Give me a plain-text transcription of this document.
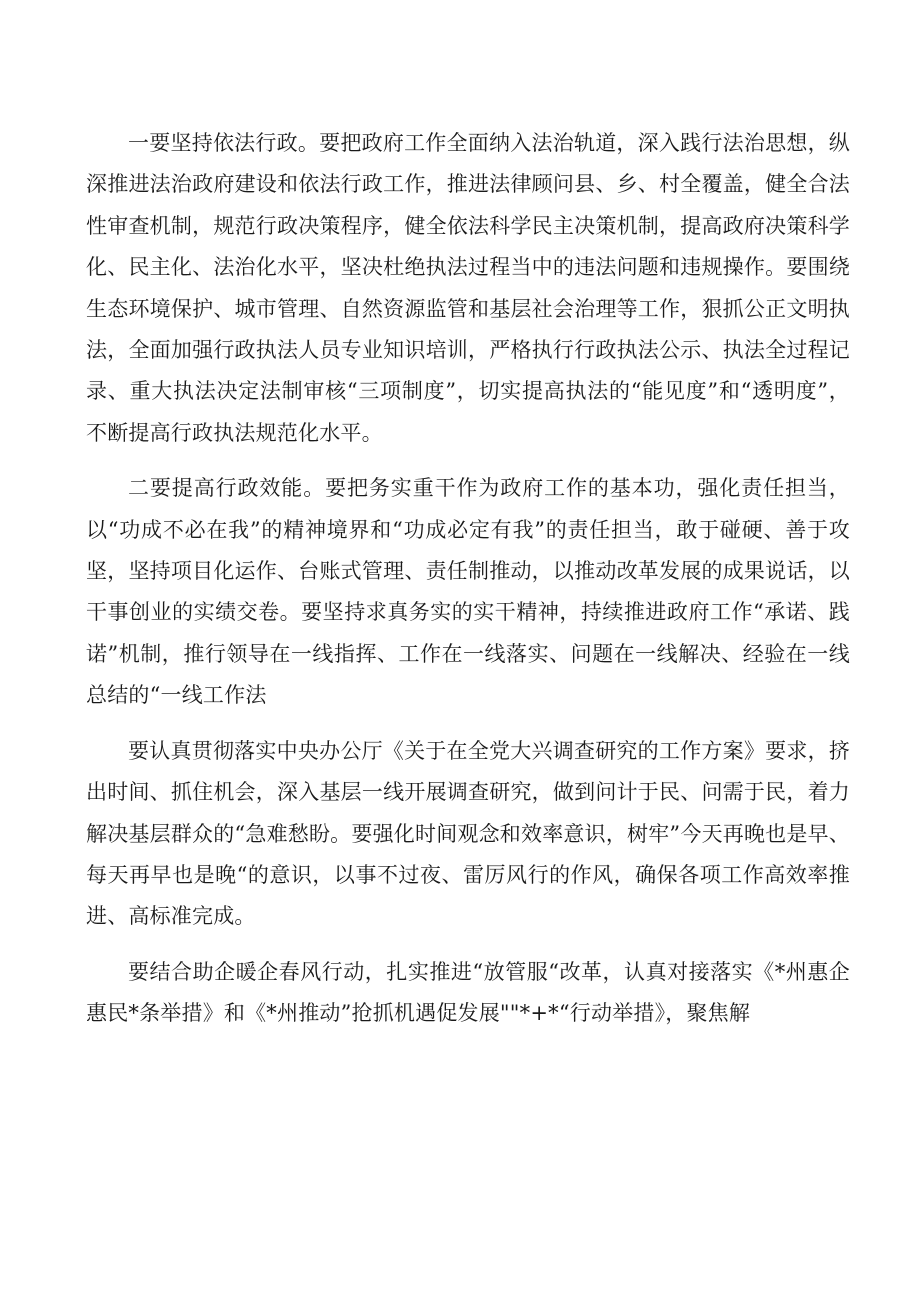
一要坚持依法行政。要把政府工作全面纳入法治轨道，深入践行法治思想，纵深推进法治政府建设和依法行政工作，推进法律顾问县、乡、村全覆盖，健全合法性审查机制，规范行政决策程序，健全依法科学民主决策机制，提高政府决策科学化、民主化、法治化水平，坚决杜绝执法过程当中的违法问题和违规操作。要围绕生态环境保护、城市管理、自然资源监管和基层社会治理等工作，狠抓公正文明执法，全面加强行政执法人员专业知识培训，严格执行行政执法公示、执法全过程记录、重大执法决定法制审核“三项制度”，切实提高执法的“能见度”和“透明度”，不断提高行政执法规范化水平。

二要提高行政效能。要把务实重干作为政府工作的基本功，强化责任担当，以“功成不必在我”的精神境界和“功成必定有我”的责任担当，敢于碰硬、善于攻坚，坚持项目化运作、台账式管理、责任制推动，以推动改革发展的成果说话，以干事创业的实绩交卷。要坚持求真务实的实干精神，持续推进政府工作“承诺、践诺”机制，推行领导在一线指挥、工作在一线落实、问题在一线解决、经验在一线总结的“一线工作法

要认真贯彻落实中央办公厅《关于在全党大兴调查研究的工作方案》要求，挤出时间、抓住机会，深入基层一线开展调查研究，做到问计于民、问需于民，着力解决基层群众的“急难愁盼。要强化时间观念和效率意识，树牢”今天再晚也是早、每天再早也是晚“的意识，以事不过夜、雷厉风行的作风，确保各项工作高效率推进、高标准完成。

要结合助企暖企春风行动，扎实推进“放管服“改革，认真对接落实《*州惠企惠民*条举措》和《*州推动”抢抓机遇促发展""*+*“行动举措》，聚焦解
